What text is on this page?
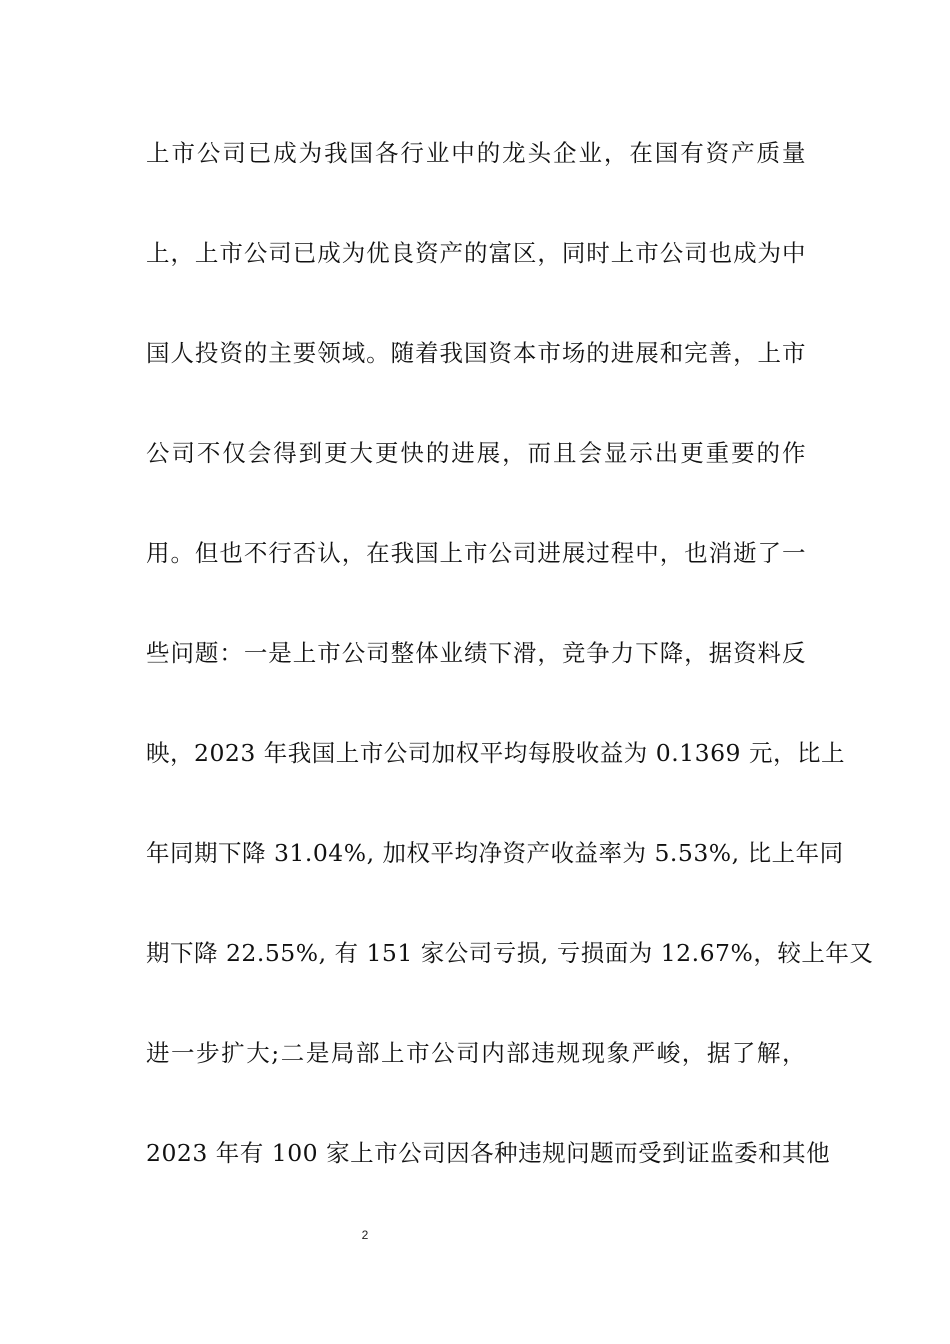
上市公司已成为我国各行业中的龙头企业，在国有资产质量
上，上市公司已成为优良资产的富区，同时上市公司也成为中
国人投资的主要领域。随着我国资本市场的进展和完善，上市
公司不仅会得到更大更快的进展，而且会显示出更重要的作
用。但也不行否认，在我国上市公司进展过程中，也消逝了一
些问题：一是上市公司整体业绩下滑，竞争力下降，据资料反
映，2023 年我国上市公司加权平均每股收益为 0.1369 元，比上
年同期下降 31.04%, 加权平均净资产收益率为 5.53%, 比上年同
期下降 22.55%, 有 151 家公司亏损, 亏损面为 12.67%，较上年又
进一步扩大;二是局部上市公司内部违规现象严峻，据了解，
2023 年有 100 家上市公司因各种违规问题而受到证监委和其他
2
